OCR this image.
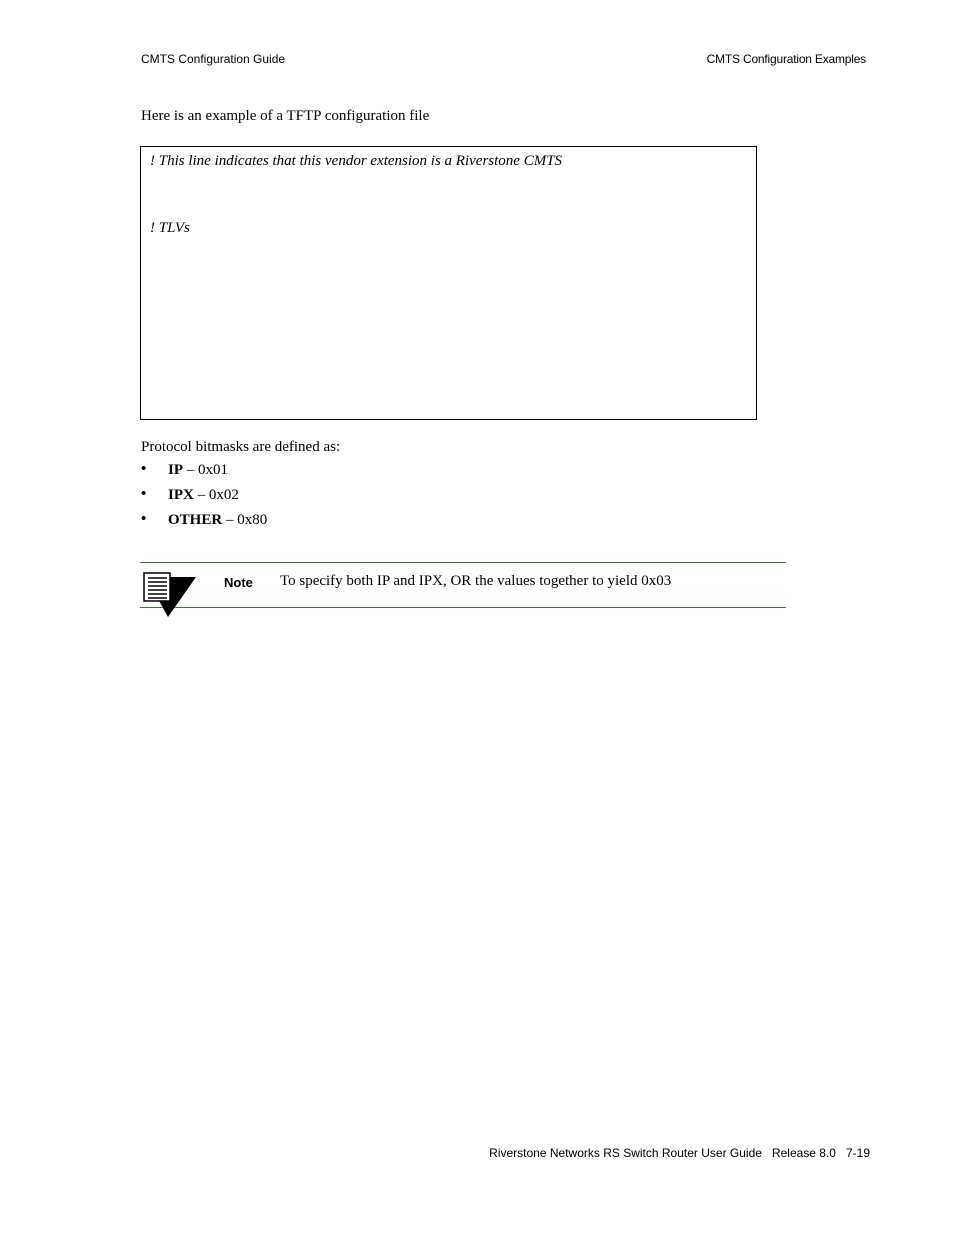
CMTS Configuration Guide	CMTS Configuration Examples
Here is an example of a TFTP configuration file
! This line indicates that this vendor extension is a Riverstone CMTS
! TLVs
Protocol bitmasks are defined as:
• IP – 0x01
• IPX – 0x02
• OTHER – 0x80
Note To specify both IP and IPX, OR the values together to yield 0x03
Riverstone Networks RS Switch Router User Guide   Release 8.0   7-19
